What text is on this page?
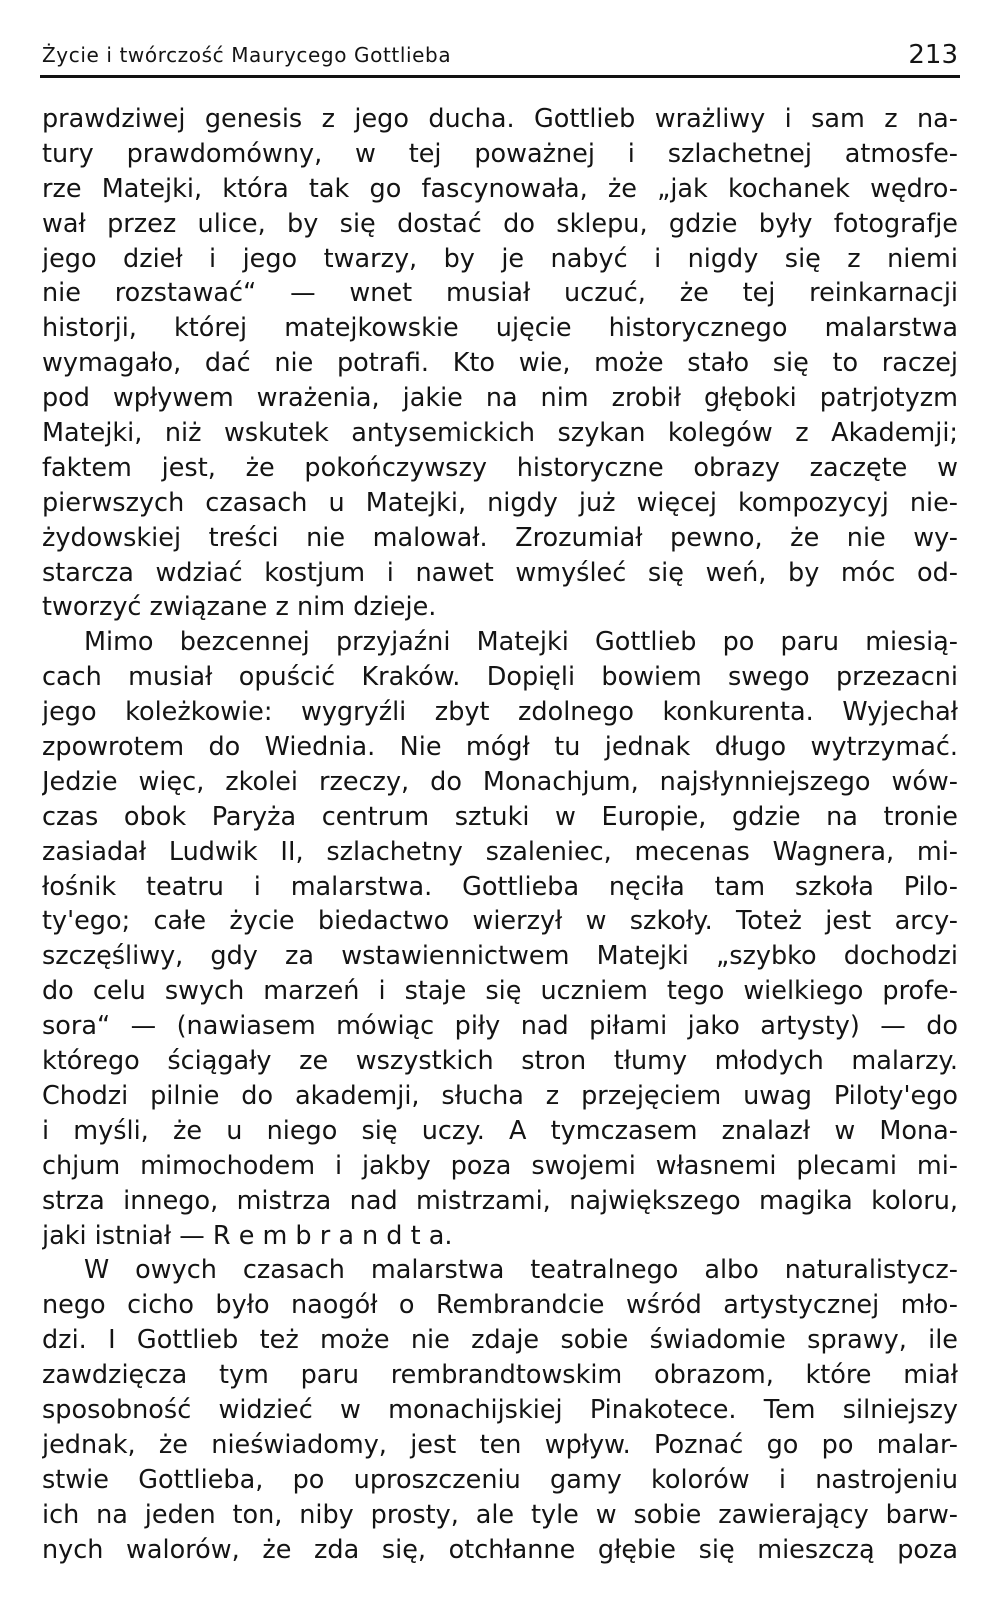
Życie i twórczość Maurycego Gottlieba	213
prawdziwej genesis z jego ducha. Gottlieb wrażliwy i sam z na-
tury prawdomówny, w tej poważnej i szlachetnej atmosfe-
rze Matejki, która tak go fascynowała, że „jak kochanek wędro-
wał przez ulice, by się dostać do sklepu, gdzie były fotografje
jego dzieł i jego twarzy, by je nabyć i nigdy się z niemi
nie rozstawać“ — wnet musiał uczuć, że tej reinkarnacji
historji, której matejkowskie ujęcie historycznego malarstwa
wymagało, dać nie potrafi. Kto wie, może stało się to raczej
pod wpływem wrażenia, jakie na nim zrobił głęboki patrjotyzm
Matejki, niż wskutek antysemickich szykan kolegów z Akademji;
faktem jest, że pokończywszy historyczne obrazy zaczęte w
pierwszych czasach u Matejki, nigdy już więcej kompozycyj nie-
żydowskiej treści nie malował. Zrozumiał pewno, że nie wy-
starcza wdziać kostjum i nawet wmyśleć się weń, by móc od-
tworzyć związane z nim dzieje.
Mimo bezcennej przyjaźni Matejki Gottlieb po paru miesią-
cach musiał opuścić Kraków. Dopięli bowiem swego przezacni
jego koleżkowie: wygryźli zbyt zdolnego konkurenta. Wyjechał
zpowrotem do Wiednia. Nie mógł tu jednak długo wytrzymać.
Jedzie więc, zkolei rzeczy, do Monachjum, najsłynniejszego wów-
czas obok Paryża centrum sztuki w Europie, gdzie na tronie
zasiadał Ludwik II, szlachetny szaleniec, mecenas Wagnera, mi-
łośnik teatru i malarstwa. Gottlieba nęciła tam szkoła Pilo-
ty'ego; całe życie biedactwo wierzył w szkoły. Toteż jest arcy-
szczęśliwy, gdy za wstawiennictwem Matejki „szybko dochodzi
do celu swych marzeń i staje się uczniem tego wielkiego profe-
sora“ — (nawiasem mówiąc piły nad piłami jako artysty) — do
którego ściągały ze wszystkich stron tłumy młodych malarzy.
Chodzi pilnie do akademji, słucha z przejęciem uwag Piloty'ego
i myśli, że u niego się uczy. A tymczasem znalazł w Mona-
chjum mimochodem i jakby poza swojemi własnemi plecami mi-
strza innego, mistrza nad mistrzami, największego magika koloru,
jaki istniał — R e m b r a n d t a.
W owych czasach malarstwa teatralnego albo naturalistycz-
nego cicho było naogół o Rembrandcie wśród artystycznej mło-
dzi. I Gottlieb też może nie zdaje sobie świadomie sprawy, ile
zawdzięcza tym paru rembrandtowskim obrazom, które miał
sposobność widzieć w monachijskiej Pinakotece. Tem silniejszy
jednak, że nieświadomy, jest ten wpływ. Poznać go po malar-
stwie Gottlieba, po uproszczeniu gamy kolorów i nastrojeniu
ich na jeden ton, niby prosty, ale tyle w sobie zawierający barw-
nych walorów, że zda się, otchłanne głębie się mieszczą poza
